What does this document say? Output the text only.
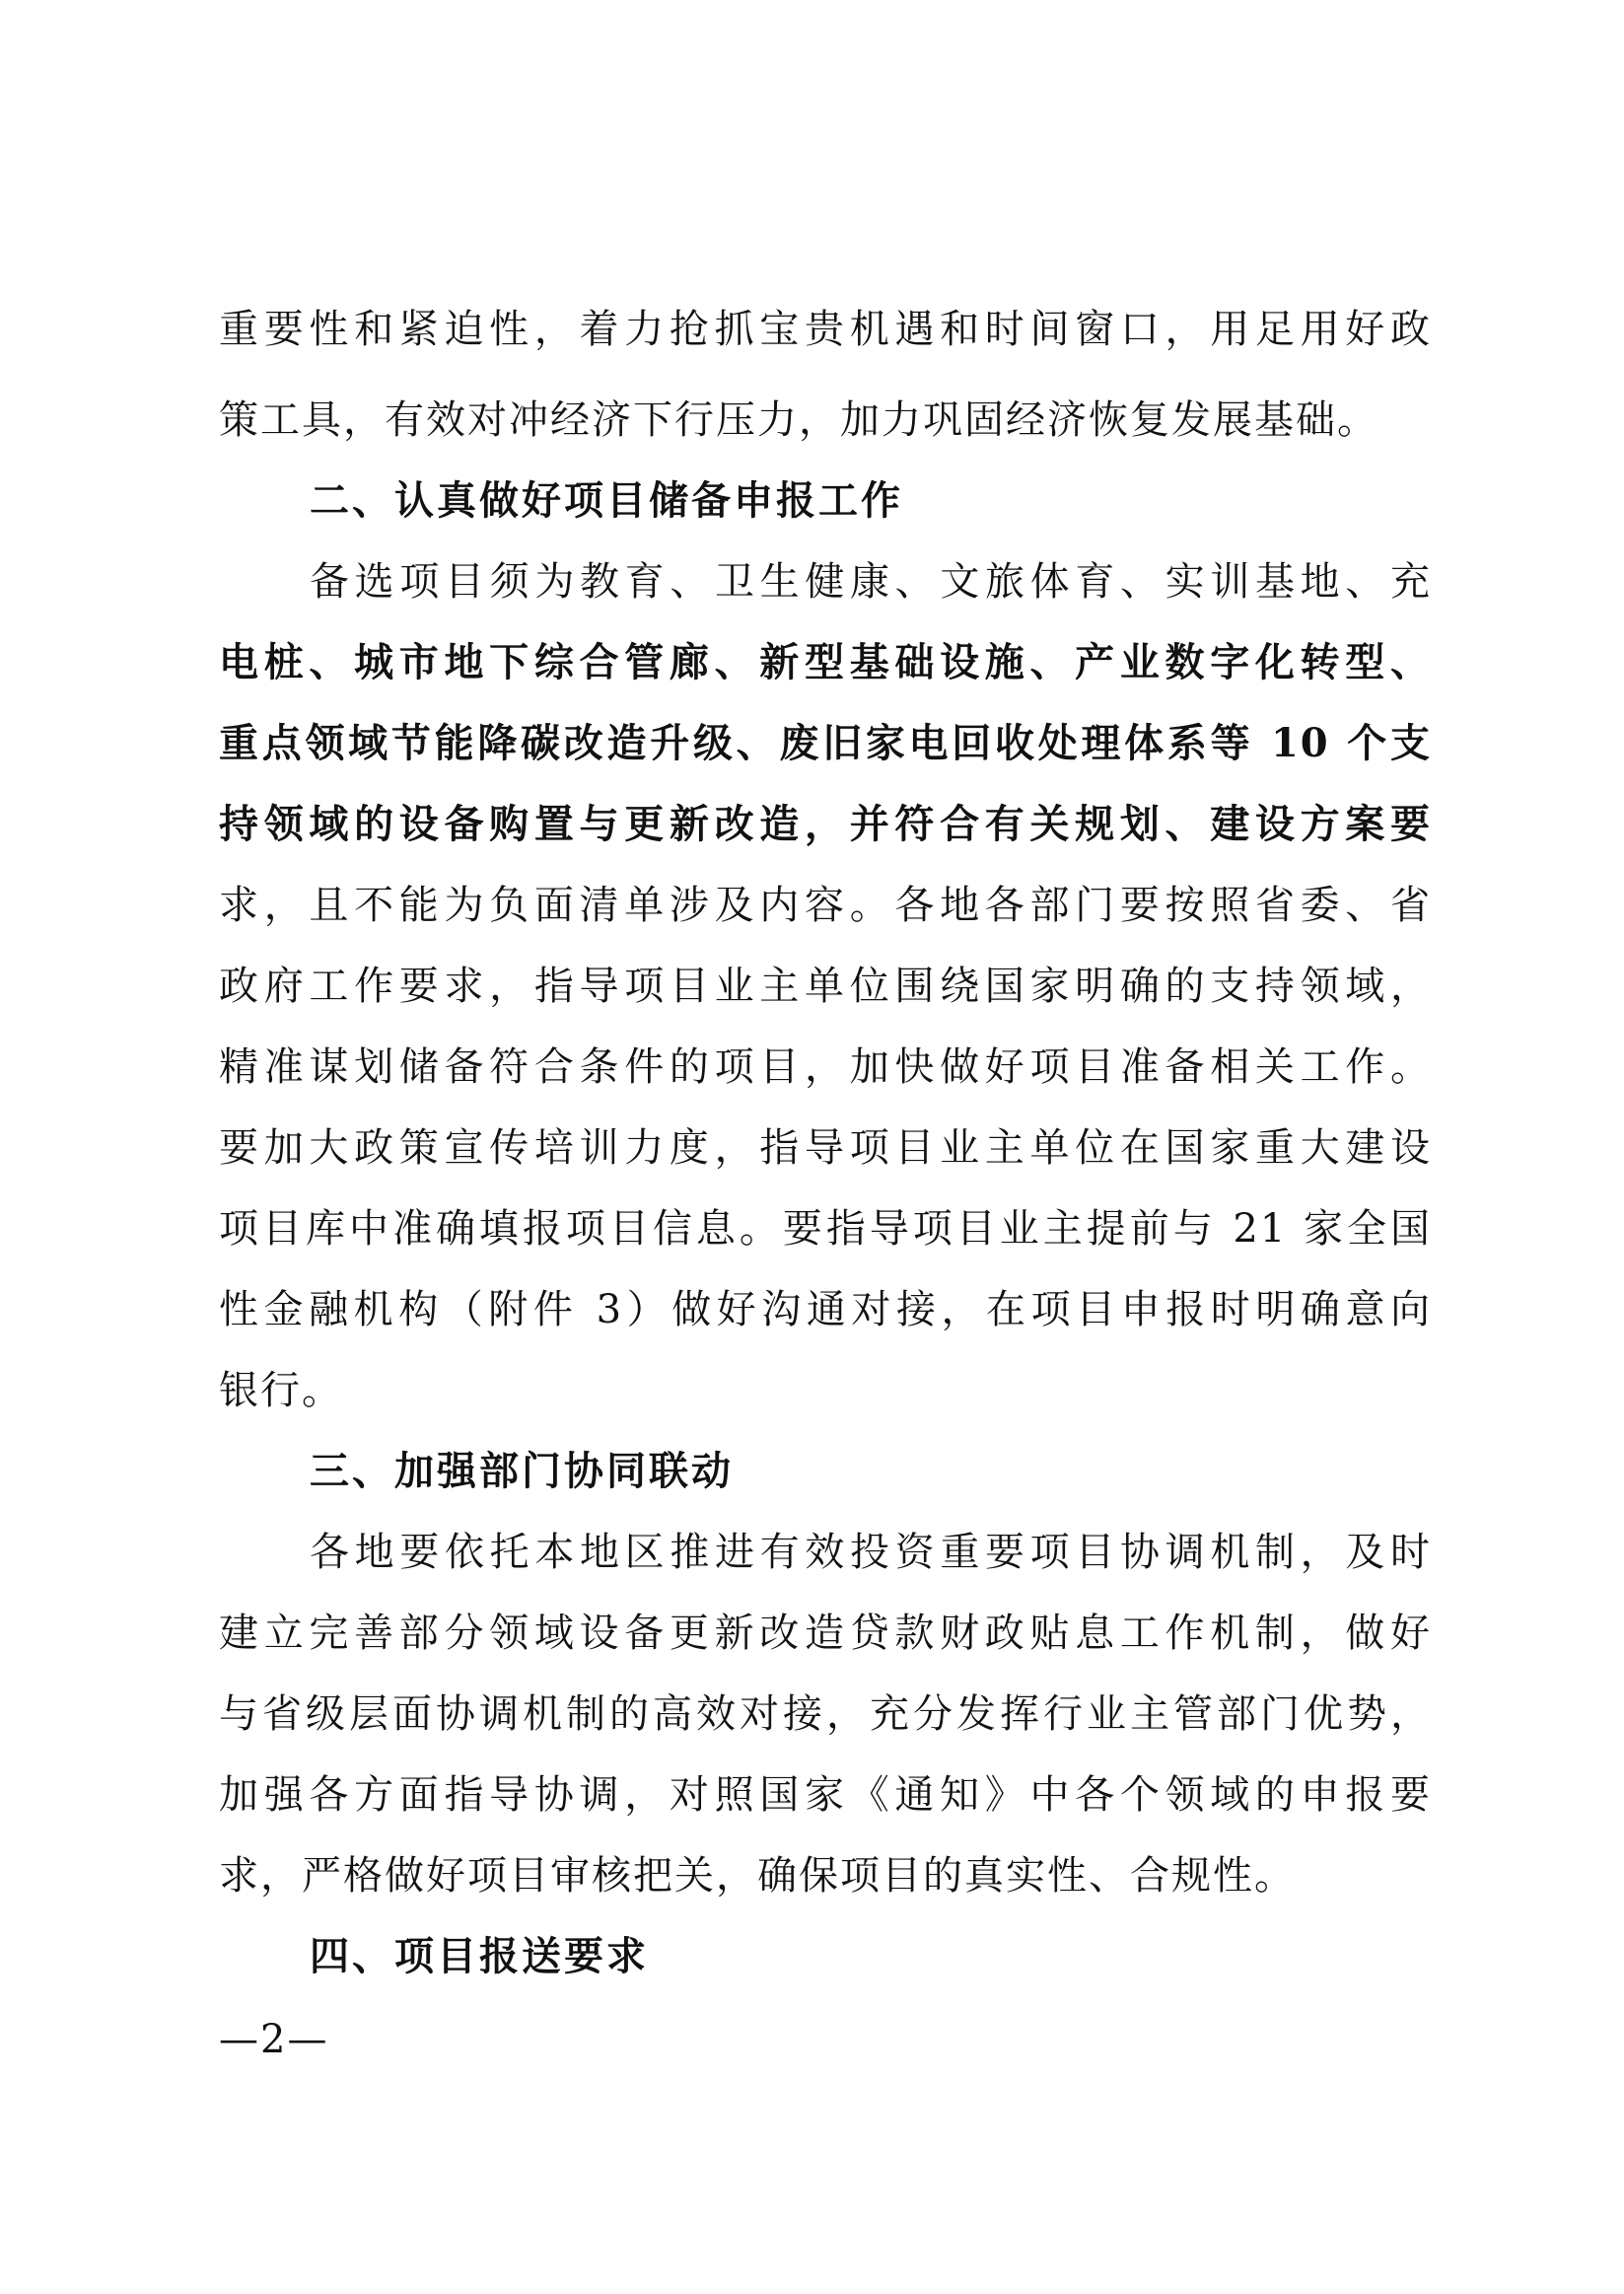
重要性和紧迫性，着力抢抓宝贵机遇和时间窗口，用足用好政
策工具，有效对冲经济下行压力，加力巩固经济恢复发展基础。
二、认真做好项目储备申报工作
备选项目须为教育、卫生健康、文旅体育、实训基地、充
电桩、城市地下综合管廊、新型基础设施、产业数字化转型、
重点领域节能降碳改造升级、废旧家电回收处理体系等 10 个支
持领域的设备购置与更新改造，并符合有关规划、建设方案要
求，且不能为负面清单涉及内容。各地各部门要按照省委、省
政府工作要求，指导项目业主单位围绕国家明确的支持领域，
精准谋划储备符合条件的项目，加快做好项目准备相关工作。
要加大政策宣传培训力度，指导项目业主单位在国家重大建设
项目库中准确填报项目信息。要指导项目业主提前与 21 家全国
性金融机构（附件 3）做好沟通对接，在项目申报时明确意向
银行。
三、加强部门协同联动
各地要依托本地区推进有效投资重要项目协调机制，及时
建立完善部分领域设备更新改造贷款财政贴息工作机制，做好
与省级层面协调机制的高效对接，充分发挥行业主管部门优势，
加强各方面指导协调，对照国家《通知》中各个领域的申报要
求，严格做好项目审核把关，确保项目的真实性、合规性。
四、项目报送要求
—2—
